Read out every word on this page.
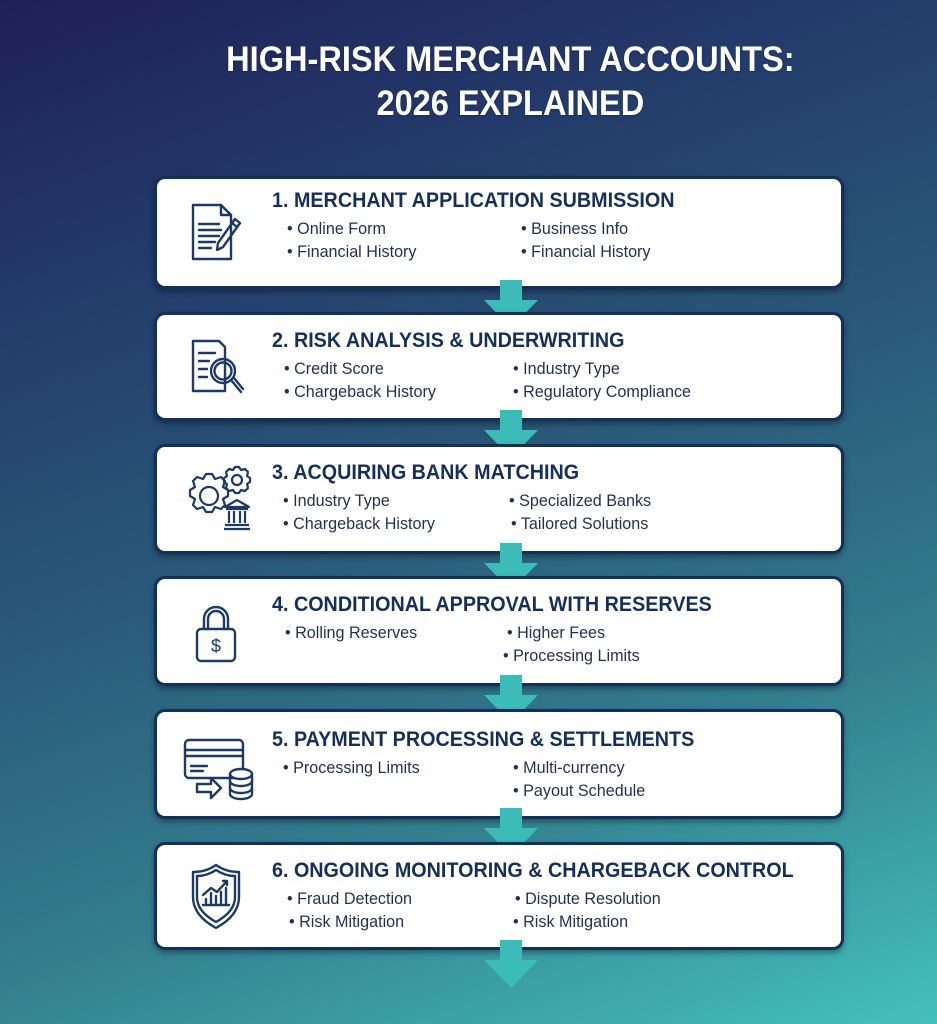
HIGH-RISK MERCHANT ACCOUNTS:
2026 EXPLAINED
1. MERCHANT APPLICATION SUBMISSION
• Online Form
• Financial History
• Business Info
• Financial History
2. RISK ANALYSIS & UNDERWRITING
• Credit Score
• Chargeback History
• Industry Type
• Regulatory Compliance
3. ACQUIRING BANK MATCHING
• Industry Type
• Chargeback History
• Specialized Banks
• Tailored Solutions
$
4. CONDITIONAL APPROVAL WITH RESERVES
• Rolling Reserves	• Higher Fees
• Processing Limits
5. PAYMENT PROCESSING & SETTLEMENTS
• Processing Limits	• Multi-currency
• Payout Schedule
6. ONGOING MONITORING & CHARGEBACK CONTROL
• Fraud Detection
• Risk Mitigation
• Dispute Resolution
• Risk Mitigation
